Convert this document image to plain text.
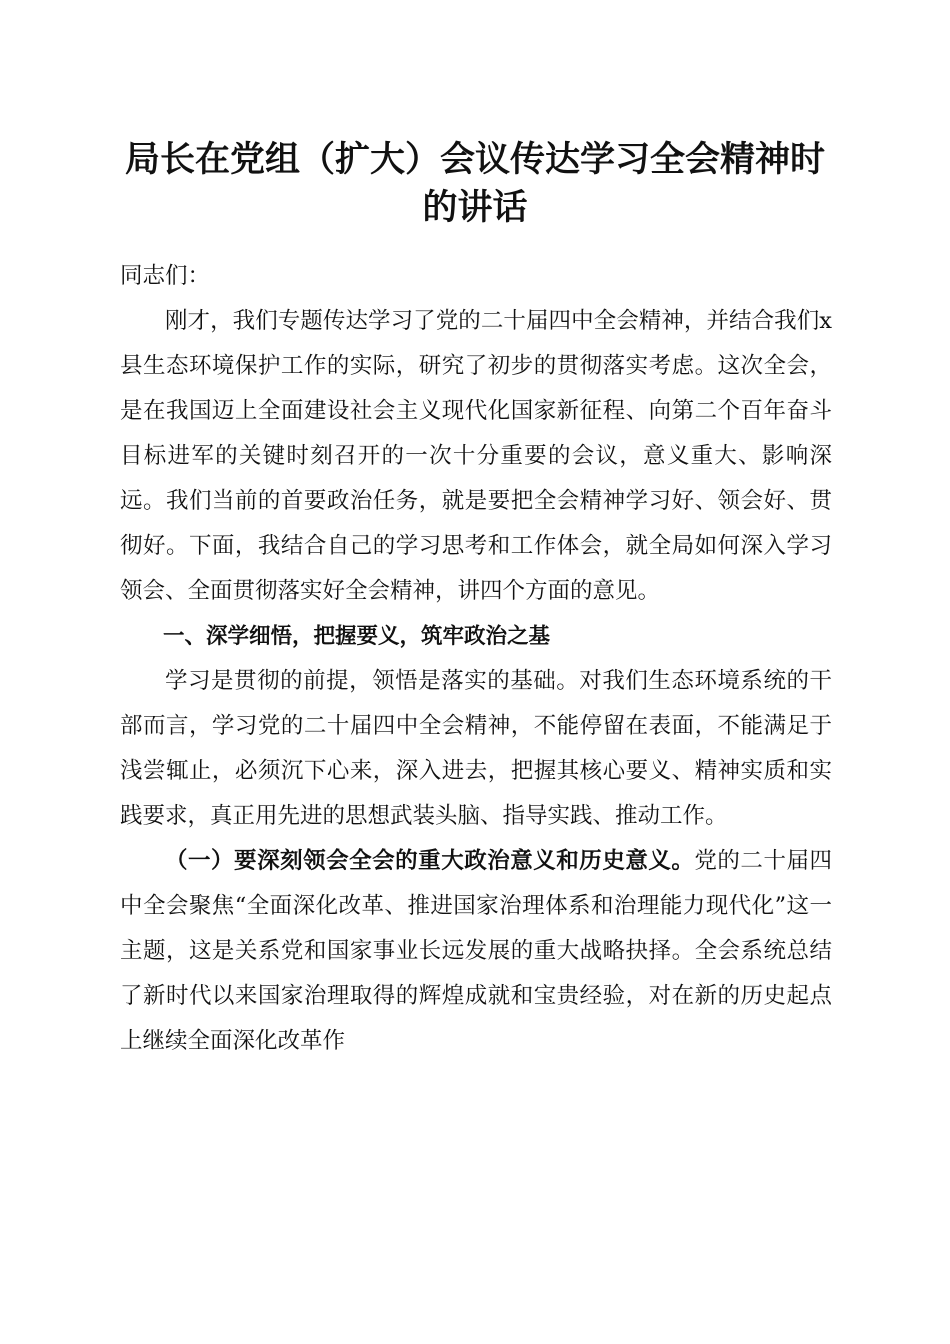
局长在党组（扩大）会议传达学习全会精神时
的讲话

同志们：

刚才，我们专题传达学习了党的二十届四中全会精神，并结合我们x县生态环境保护工作的实际，研究了初步的贯彻落实考虑。这次全会，是在我国迈上全面建设社会主义现代化国家新征程、向第二个百年奋斗目标进军的关键时刻召开的一次十分重要的会议，意义重大、影响深远。我们当前的首要政治任务，就是要把全会精神学习好、领会好、贯彻好。下面，我结合自己的学习思考和工作体会，就全局如何深入学习领会、全面贯彻落实好全会精神，讲四个方面的意见。

一、深学细悟，把握要义，筑牢政治之基

学习是贯彻的前提，领悟是落实的基础。对我们生态环境系统的干部而言，学习党的二十届四中全会精神，不能停留在表面，不能满足于浅尝辄止，必须沉下心来，深入进去，把握其核心要义、精神实质和实践要求，真正用先进的思想武装头脑、指导实践、推动工作。

（一）要深刻领会全会的重大政治意义和历史意义。党的二十届四中全会聚焦“全面深化改革、推进国家治理体系和治理能力现代化”这一主题，这是关系党和国家事业长远发展的重大战略抉择。全会系统总结了新时代以来国家治理取得的辉煌成就和宝贵经验，对在新的历史起点上继续全面深化改革作
